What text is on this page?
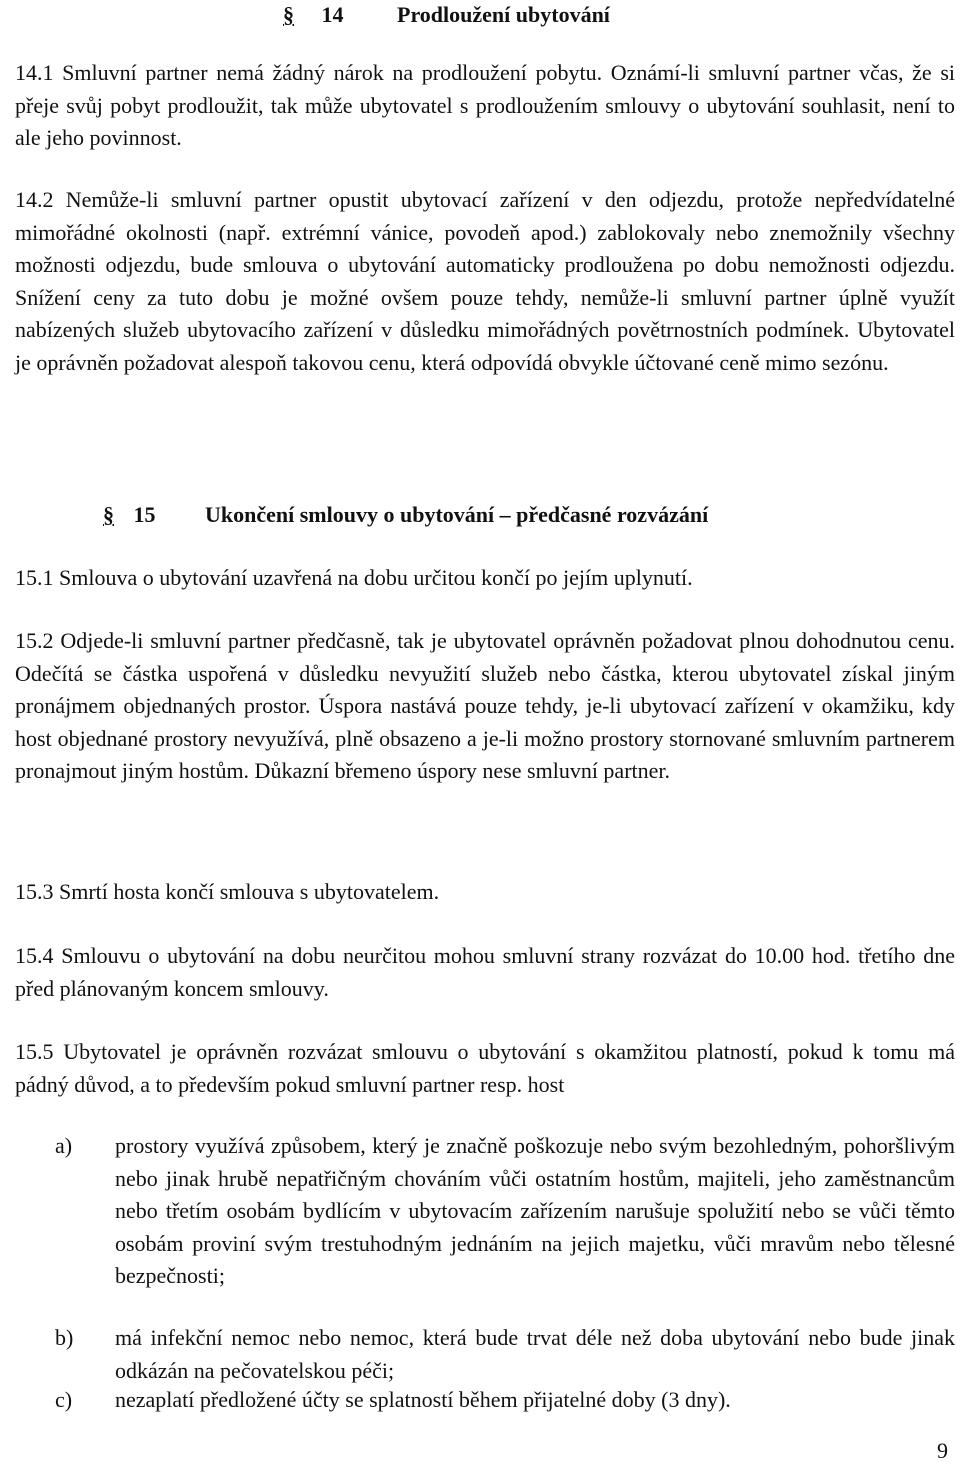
§ 14 Prodloužení ubytování
14.1 Smluvní partner nemá žádný nárok na prodloužení pobytu. Oznámí-li smluvní partner včas, že si přeje svůj pobyt prodloužit, tak může ubytovatel s prodloužením smlouvy o ubytování souhlasit, není to ale jeho povinnost.
14.2 Nemůže-li smluvní partner opustit ubytovací zařízení v den odjezdu, protože nepředvídatelné mimořádné okolnosti (např. extrémní vánice, povodeň apod.) zablokovaly nebo znemožnily všechny možnosti odjezdu, bude smlouva o ubytování automaticky prodloužena po dobu nemožnosti odjezdu. Snížení ceny za tuto dobu je možné ovšem pouze tehdy, nemůže-li smluvní partner úplně využít nabízených služeb ubytovacího zařízení v důsledku mimořádných povětrnostních podmínek. Ubytovatel je oprávněn požadovat alespoň takovou cenu, která odpovídá obvykle účtované ceně mimo sezónu.
§ 15 Ukončení smlouvy o ubytování – předčasné rozvázání
15.1 Smlouva o ubytování uzavřená na dobu určitou končí po jejím uplynutí.
15.2 Odjede-li smluvní partner předčasně, tak je ubytovatel oprávněn požadovat plnou dohodnutou cenu. Odečítá se částka uspořená v důsledku nevyužití služeb nebo částka, kterou ubytovatel získal jiným pronájmem objednaných prostor. Úspora nastává pouze tehdy, je-li ubytovací zařízení v okamžiku, kdy host objednané prostory nevyužívá, plně obsazeno a je-li možno prostory stornované smluvním partnerem pronajmout jiným hostům. Důkazní břemeno úspory nese smluvní partner.
15.3 Smrtí hosta končí smlouva s ubytovatelem.
15.4 Smlouvu o ubytování na dobu neurčitou mohou smluvní strany rozvázat do 10.00 hod. třetího dne před plánovaným koncem smlouvy.
15.5 Ubytovatel je oprávněn rozvázat smlouvu o ubytování s okamžitou platností, pokud k tomu má pádný důvod, a to především pokud smluvní partner resp. host
a) prostory využívá způsobem, který je značně poškozuje nebo svým bezohledným, pohoršlivým nebo jinak hrubě nepatřičným chováním vůči ostatním hostům, majiteli, jeho zaměstnancům nebo třetím osobám bydlícím v ubytovacím zařízením narušuje spolužití nebo se vůči těmto osobám proviní svým trestuhodným jednáním na jejich majetku, vůči mravům nebo tělesné bezpečnosti;
b) má infekční nemoc nebo nemoc, která bude trvat déle než doba ubytování nebo bude jinak odkázán na pečovatelskou péči;
c) nezaplatí předložené účty se splatností během přijatelné doby (3 dny).
9
